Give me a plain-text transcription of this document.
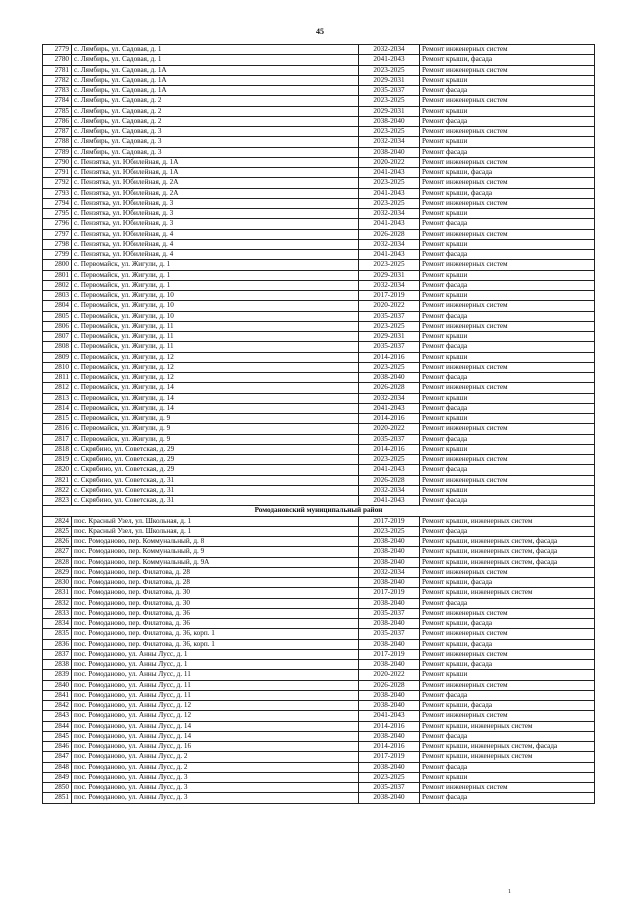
45
2779	с. Лямбирь, ул. Садовая, д. 1	2032-2034	Ремонт инженерных систем
2780	с. Лямбирь, ул. Садовая, д. 1	2041-2043	Ремонт крыши, фасада
2781	с. Лямбирь, ул. Садовая, д. 1А	2023-2025	Ремонт инженерных систем
2782	с. Лямбирь, ул. Садовая, д. 1А	2029-2031	Ремонт крыши
2783	с. Лямбирь, ул. Садовая, д. 1А	2035-2037	Ремонт фасада
2784	с. Лямбирь, ул. Садовая, д. 2	2023-2025	Ремонт инженерных систем
2785	с. Лямбирь, ул. Садовая, д. 2	2029-2031	Ремонт крыши
2786	с. Лямбирь, ул. Садовая, д. 2	2038-2040	Ремонт фасада
2787	с. Лямбирь, ул. Садовая, д. 3	2023-2025	Ремонт инженерных систем
2788	с. Лямбирь, ул. Садовая, д. 3	2032-2034	Ремонт крыши
2789	с. Лямбирь, ул. Садовая, д. 3	2038-2040	Ремонт фасада
2790	с. Пензятка, ул. Юбилейная, д. 1А	2020-2022	Ремонт инженерных систем
2791	с. Пензятка, ул. Юбилейная, д. 1А	2041-2043	Ремонт крыши, фасада
2792	с. Пензятка, ул. Юбилейная, д. 2А	2023-2025	Ремонт инженерных систем
2793	с. Пензятка, ул. Юбилейная, д. 2А	2041-2043	Ремонт крыши, фасада
2794	с. Пензятка, ул. Юбилейная, д. 3	2023-2025	Ремонт инженерных систем
2795	с. Пензятка, ул. Юбилейная, д. 3	2032-2034	Ремонт крыши
2796	с. Пензятка, ул. Юбилейная, д. 3	2041-2043	Ремонт фасада
2797	с. Пензятка, ул. Юбилейная, д. 4	2026-2028	Ремонт инженерных систем
2798	с. Пензятка, ул. Юбилейная, д. 4	2032-2034	Ремонт крыши
2799	с. Пензятка, ул. Юбилейная, д. 4	2041-2043	Ремонт фасада
2800	с. Первомайск, ул. Жигули, д. 1	2023-2025	Ремонт инженерных систем
2801	с. Первомайск, ул. Жигули, д. 1	2029-2031	Ремонт крыши
2802	с. Первомайск, ул. Жигули, д. 1	2032-2034	Ремонт фасада
2803	с. Первомайск, ул. Жигули, д. 10	2017-2019	Ремонт крыши
2804	с. Первомайск, ул. Жигули, д. 10	2020-2022	Ремонт инженерных систем
2805	с. Первомайск, ул. Жигули, д. 10	2035-2037	Ремонт фасада
2806	с. Первомайск, ул. Жигули, д. 11	2023-2025	Ремонт инженерных систем
2807	с. Первомайск, ул. Жигули, д. 11	2029-2031	Ремонт крыши
2808	с. Первомайск, ул. Жигули, д. 11	2035-2037	Ремонт фасада
2809	с. Первомайск, ул. Жигули, д. 12	2014-2016	Ремонт крыши
2810	с. Первомайск, ул. Жигули, д. 12	2023-2025	Ремонт инженерных систем
2811	с. Первомайск, ул. Жигули, д. 12	2038-2040	Ремонт фасада
2812	с. Первомайск, ул. Жигули, д. 14	2026-2028	Ремонт инженерных систем
2813	с. Первомайск, ул. Жигули, д. 14	2032-2034	Ремонт крыши
2814	с. Первомайск, ул. Жигули, д. 14	2041-2043	Ремонт фасада
2815	с. Первомайск, ул. Жигули, д. 9	2014-2016	Ремонт крыши
2816	с. Первомайск, ул. Жигули, д. 9	2020-2022	Ремонт инженерных систем
2817	с. Первомайск, ул. Жигули, д. 9	2035-2037	Ремонт фасада
2818	с. Скрябино, ул. Советская, д. 29	2014-2016	Ремонт крыши
2819	с. Скрябино, ул. Советская, д. 29	2023-2025	Ремонт инженерных систем
2820	с. Скрябино, ул. Советская, д. 29	2041-2043	Ремонт фасада
2821	с. Скрябино, ул. Советская, д. 31	2026-2028	Ремонт инженерных систем
2822	с. Скрябино, ул. Советская, д. 31	2032-2034	Ремонт крыши
2823	с. Скрябино, ул. Советская, д. 31	2041-2043	Ремонт фасада
Ромодановский муниципальный район			
2824	пос. Красный Узел, ул. Школьная, д. 1	2017-2019	Ремонт крыши, инженерных систем
2825	пос. Красный Узел, ул. Школьная, д. 1	2023-2025	Ремонт фасада
2826	пос. Ромоданово, пер. Коммунальный, д. 8	2038-2040	Ремонт крыши, инженерных систем, фасада
2827	пос. Ромоданово, пер. Коммунальный, д. 9	2038-2040	Ремонт крыши, инженерных систем, фасада
2828	пос. Ромоданово, пер. Коммунальный, д. 9А	2038-2040	Ремонт крыши, инженерных систем, фасада
2829	пос. Ромоданово, пер. Филатова, д. 28	2032-2034	Ремонт инженерных систем
2830	пос. Ромоданово, пер. Филатова, д. 28	2038-2040	Ремонт крыши, фасада
2831	пос. Ромоданово, пер. Филатова, д. 30	2017-2019	Ремонт крыши, инженерных систем
2832	пос. Ромоданово, пер. Филатова, д. 30	2038-2040	Ремонт фасада
2833	пос. Ромоданово, пер. Филатова, д. 36	2035-2037	Ремонт инженерных систем
2834	пос. Ромоданово, пер. Филатова, д. 36	2038-2040	Ремонт крыши, фасада
2835	пос. Ромоданово, пер. Филатова, д. 36, корп. 1	2035-2037	Ремонт инженерных систем
2836	пос. Ромоданово, пер. Филатова, д. 36, корп. 1	2038-2040	Ремонт крыши, фасада
2837	пос. Ромоданово, ул. Анны Лусс, д. 1	2017-2019	Ремонт инженерных систем
2838	пос. Ромоданово, ул. Анны Лусс, д. 1	2038-2040	Ремонт крыши, фасада
2839	пос. Ромоданово, ул. Анны Лусс, д. 11	2020-2022	Ремонт крыши
2840	пос. Ромоданово, ул. Анны Лусс, д. 11	2026-2028	Ремонт инженерных систем
2841	пос. Ромоданово, ул. Анны Лусс, д. 11	2038-2040	Ремонт фасада
2842	пос. Ромоданово, ул. Анны Лусс, д. 12	2038-2040	Ремонт крыши, фасада
2843	пос. Ромоданово, ул. Анны Лусс, д. 12	2041-2043	Ремонт инженерных систем
2844	пос. Ромоданово, ул. Анны Лусс, д. 14	2014-2016	Ремонт крыши, инженерных систем
2845	пос. Ромоданово, ул. Анны Лусс, д. 14	2038-2040	Ремонт фасада
2846	пос. Ромоданово, ул. Анны Лусс, д. 16	2014-2016	Ремонт крыши, инженерных систем, фасада
2847	пос. Ромоданово, ул. Анны Лусс, д. 2	2017-2019	Ремонт крыши, инженерных систем
2848	пос. Ромоданово, ул. Анны Лусс, д. 2	2038-2040	Ремонт фасада
2849	пос. Ромоданово, ул. Анны Лусс, д. 3	2023-2025	Ремонт крыши
2850	пос. Ромоданово, ул. Анны Лусс, д. 3	2035-2037	Ремонт инженерных систем
2851	пос. Ромоданово, ул. Анны Лусс, д. 3	2038-2040	Ремонт фасада
1
